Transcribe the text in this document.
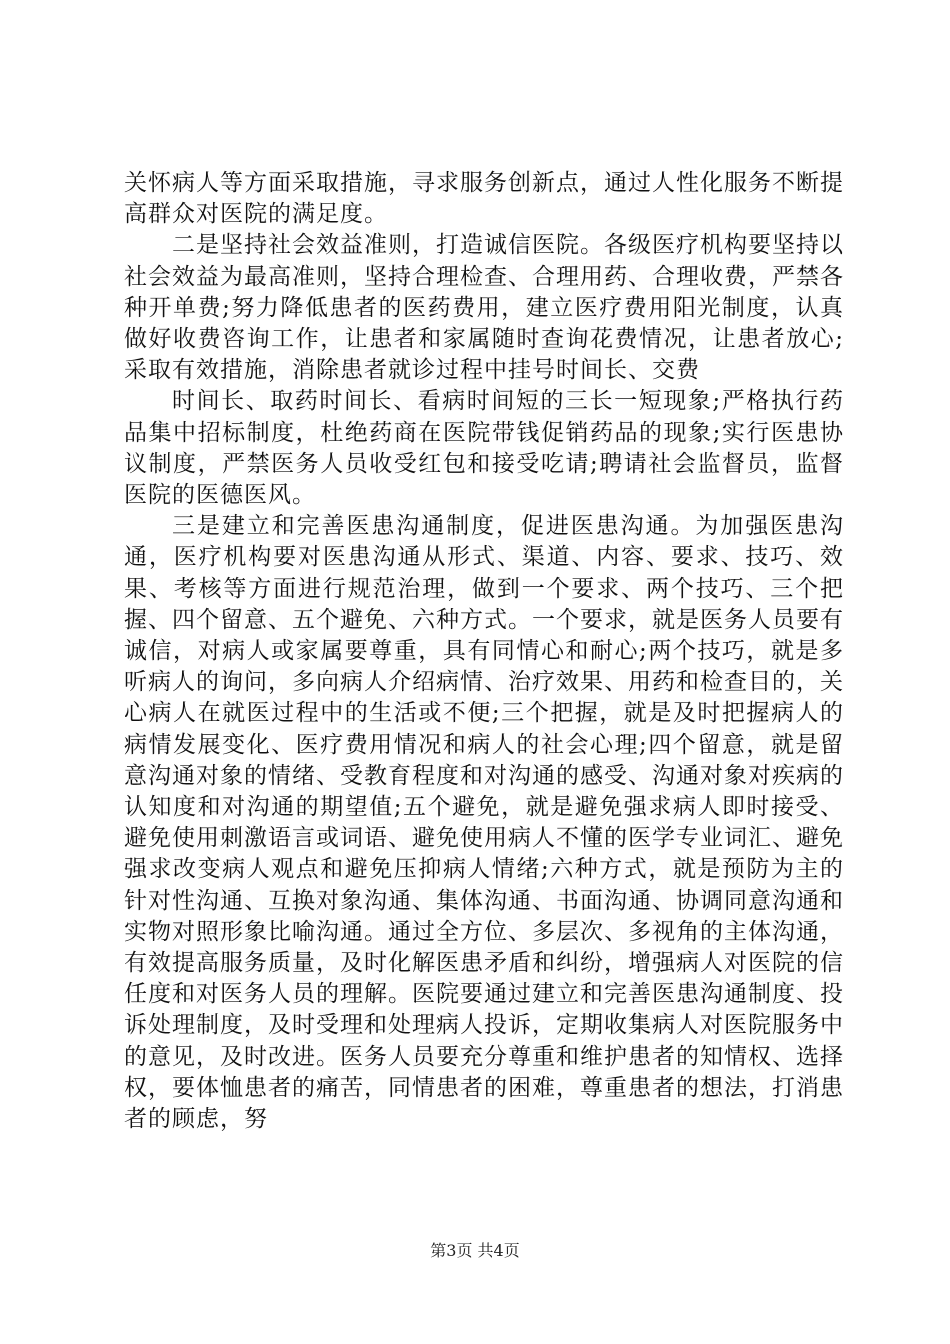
关怀病人等方面采取措施，寻求服务创新点，通过人性化服务不断提高群众对医院的满足度。

二是坚持社会效益准则，打造诚信医院。各级医疗机构要坚持以社会效益为最高准则，坚持合理检查、合理用药、合理收费，严禁各种开单费;努力降低患者的医药费用，建立医疗费用阳光制度，认真做好收费咨询工作，让患者和家属随时查询花费情况，让患者放心;采取有效措施，消除患者就诊过程中挂号时间长、交费

时间长、取药时间长、看病时间短的三长一短现象;严格执行药品集中招标制度，杜绝药商在医院带钱促销药品的现象;实行医患协议制度，严禁医务人员收受红包和接受吃请;聘请社会监督员，监督医院的医德医风。

三是建立和完善医患沟通制度，促进医患沟通。为加强医患沟通，医疗机构要对医患沟通从形式、渠道、内容、要求、技巧、效果、考核等方面进行规范治理，做到一个要求、两个技巧、三个把握、四个留意、五个避免、六种方式。一个要求，就是医务人员要有诚信，对病人或家属要尊重，具有同情心和耐心;两个技巧，就是多听病人的询问，多向病人介绍病情、治疗效果、用药和检查目的，关心病人在就医过程中的生活或不便;三个把握，就是及时把握病人的病情发展变化、医疗费用情况和病人的社会心理;四个留意，就是留意沟通对象的情绪、受教育程度和对沟通的感受、沟通对象对疾病的认知度和对沟通的期望值;五个避免，就是避免强求病人即时接受、避免使用刺激语言或词语、避免使用病人不懂的医学专业词汇、避免强求改变病人观点和避免压抑病人情绪;六种方式，就是预防为主的针对性沟通、互换对象沟通、集体沟通、书面沟通、协调同意沟通和实物对照形象比喻沟通。通过全方位、多层次、多视角的主体沟通，有效提高服务质量，及时化解医患矛盾和纠纷，增强病人对医院的信任度和对医务人员的理解。医院要通过建立和完善医患沟通制度、投诉处理制度，及时受理和处理病人投诉，定期收集病人对医院服务中的意见，及时改进。医务人员要充分尊重和维护患者的知情权、选择权，要体恤患者的痛苦，同情患者的困难，尊重患者的想法，打消患者的顾虑，努

第3页 共4页
